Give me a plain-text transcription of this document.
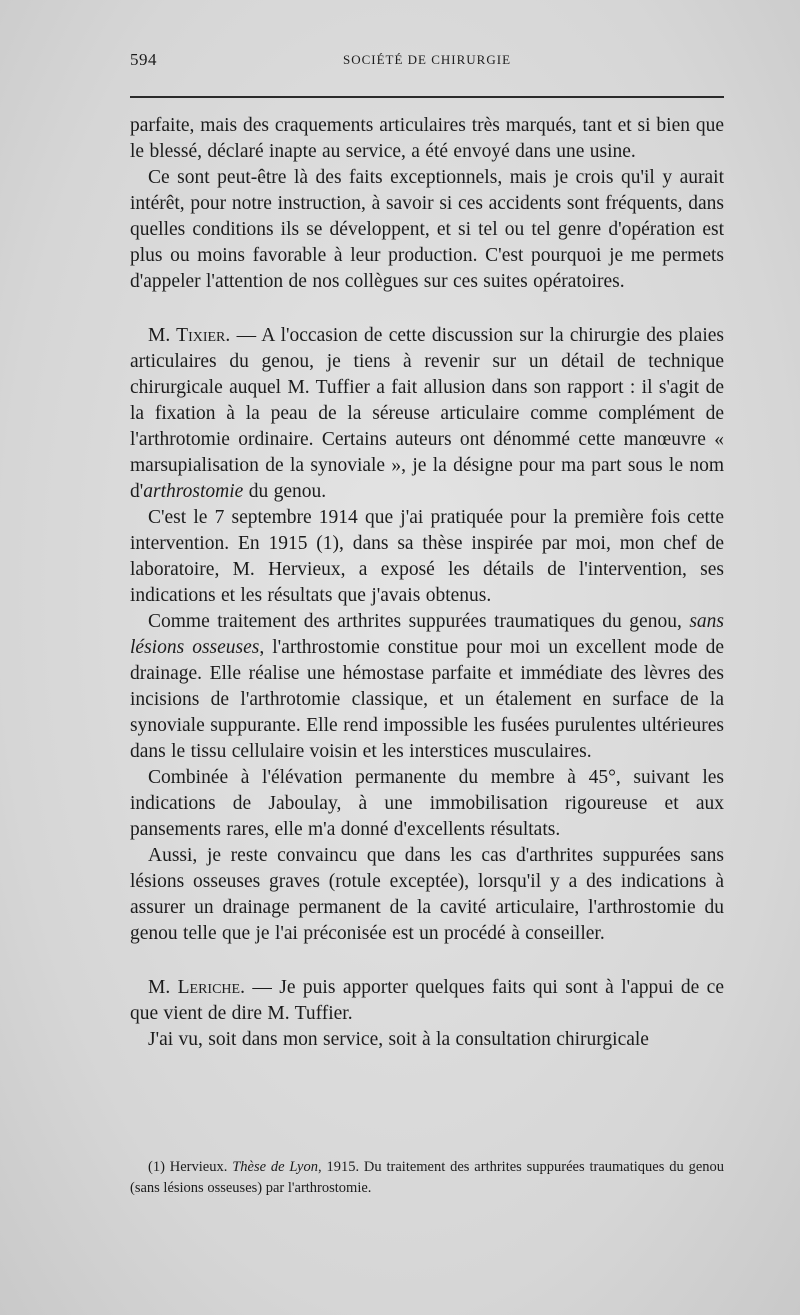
594	SOCIÉTÉ DE CHIRURGIE

parfaite, mais des craquements articulaires très marqués, tant et si bien que le blessé, déclaré inapte au service, a été envoyé dans une usine.

Ce sont peut-être là des faits exceptionnels, mais je crois qu'il y aurait intérêt, pour notre instruction, à savoir si ces accidents sont fréquents, dans quelles conditions ils se développent, et si tel ou tel genre d'opération est plus ou moins favorable à leur production. C'est pourquoi je me permets d'appeler l'attention de nos collègues sur ces suites opératoires.

M. Tixier. — A l'occasion de cette discussion sur la chirurgie des plaies articulaires du genou, je tiens à revenir sur un détail de technique chirurgicale auquel M. Tuffier a fait allusion dans son rapport : il s'agit de la fixation à la peau de la séreuse articulaire comme complément de l'arthrotomie ordinaire. Certains auteurs ont dénommé cette manœuvre « marsupialisation de la synoviale », je la désigne pour ma part sous le nom d'arthrostomie du genou.

C'est le 7 septembre 1914 que j'ai pratiquée pour la première fois cette intervention. En 1915 (1), dans sa thèse inspirée par moi, mon chef de laboratoire, M. Hervieux, a exposé les détails de l'intervention, ses indications et les résultats que j'avais obtenus.

Comme traitement des arthrites suppurées traumatiques du genou, sans lésions osseuses, l'arthrostomie constitue pour moi un excellent mode de drainage. Elle réalise une hémostase parfaite et immédiate des lèvres des incisions de l'arthrotomie classique, et un étalement en surface de la synoviale suppurante. Elle rend impossible les fusées purulentes ultérieures dans le tissu cellulaire voisin et les interstices musculaires.

Combinée à l'élévation permanente du membre à 45°, suivant les indications de Jaboulay, à une immobilisation rigoureuse et aux pansements rares, elle m'a donné d'excellents résultats.

Aussi, je reste convaincu que dans les cas d'arthrites suppurées sans lésions osseuses graves (rotule exceptée), lorsqu'il y a des indications à assurer un drainage permanent de la cavité articulaire, l'arthrostomie du genou telle que je l'ai préconisée est un procédé à conseiller.

M. Leriche. — Je puis apporter quelques faits qui sont à l'appui de ce que vient de dire M. Tuffier.

J'ai vu, soit dans mon service, soit à la consultation chirurgicale

(1) Hervieux. Thèse de Lyon, 1915. Du traitement des arthrites suppurées traumatiques du genou (sans lésions osseuses) par l'arthrostomie.
